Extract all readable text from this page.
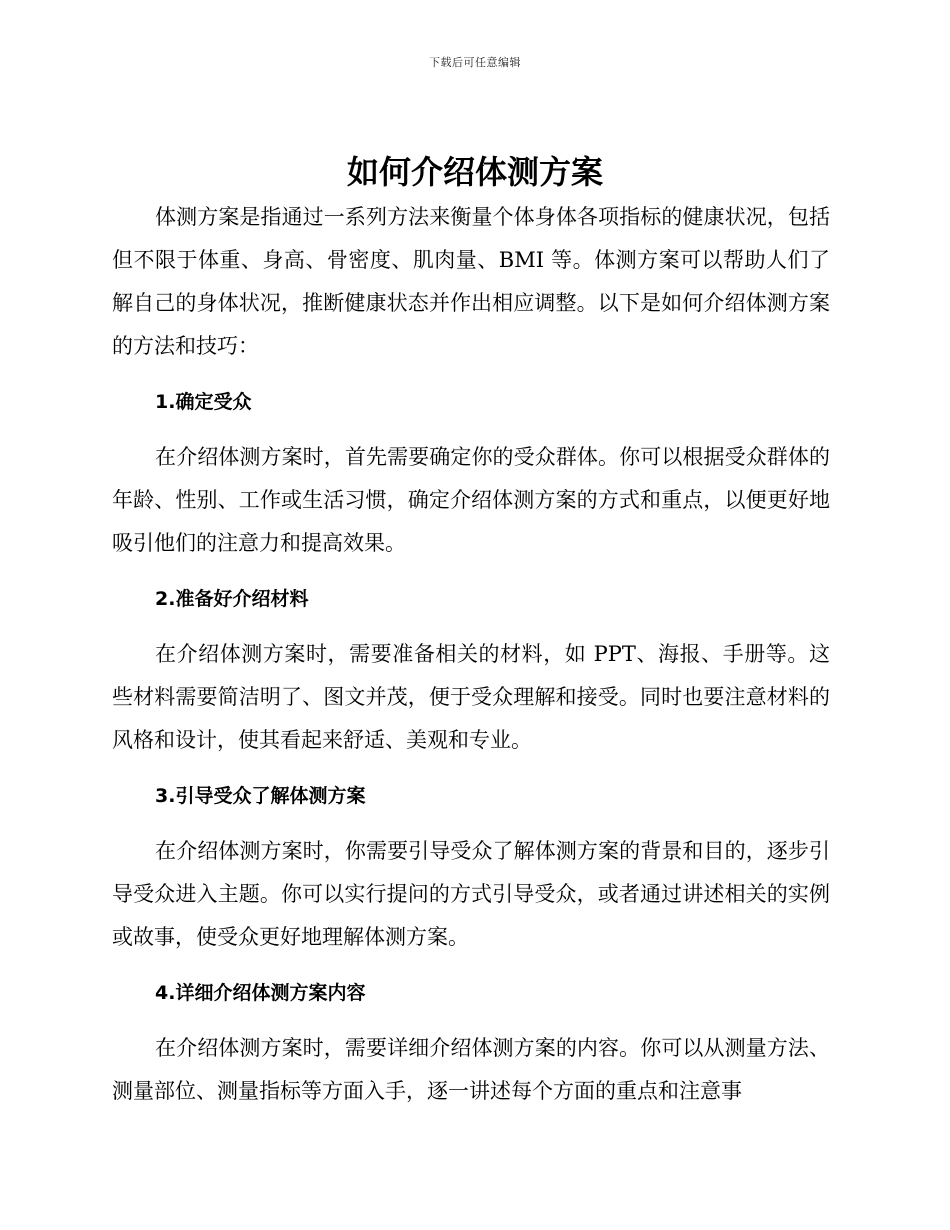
下载后可任意编辑
如何介绍体测方案

体测方案是指通过一系列方法来衡量个体身体各项指标的健康状况，包括但不限于体重、身高、骨密度、肌肉量、BMI 等。体测方案可以帮助人们了解自己的身体状况，推断健康状态并作出相应调整。以下是如何介绍体测方案的方法和技巧：

1.确定受众

在介绍体测方案时，首先需要确定你的受众群体。你可以根据受众群体的年龄、性别、工作或生活习惯，确定介绍体测方案的方式和重点，以便更好地吸引他们的注意力和提高效果。

2.准备好介绍材料

在介绍体测方案时，需要准备相关的材料，如 PPT、海报、手册等。这些材料需要简洁明了、图文并茂，便于受众理解和接受。同时也要注意材料的风格和设计，使其看起来舒适、美观和专业。

3.引导受众了解体测方案

在介绍体测方案时，你需要引导受众了解体测方案的背景和目的，逐步引导受众进入主题。你可以实行提问的方式引导受众，或者通过讲述相关的实例或故事，使受众更好地理解体测方案。

4.详细介绍体测方案内容

在介绍体测方案时，需要详细介绍体测方案的内容。你可以从测量方法、测量部位、测量指标等方面入手，逐一讲述每个方面的重点和注意事
